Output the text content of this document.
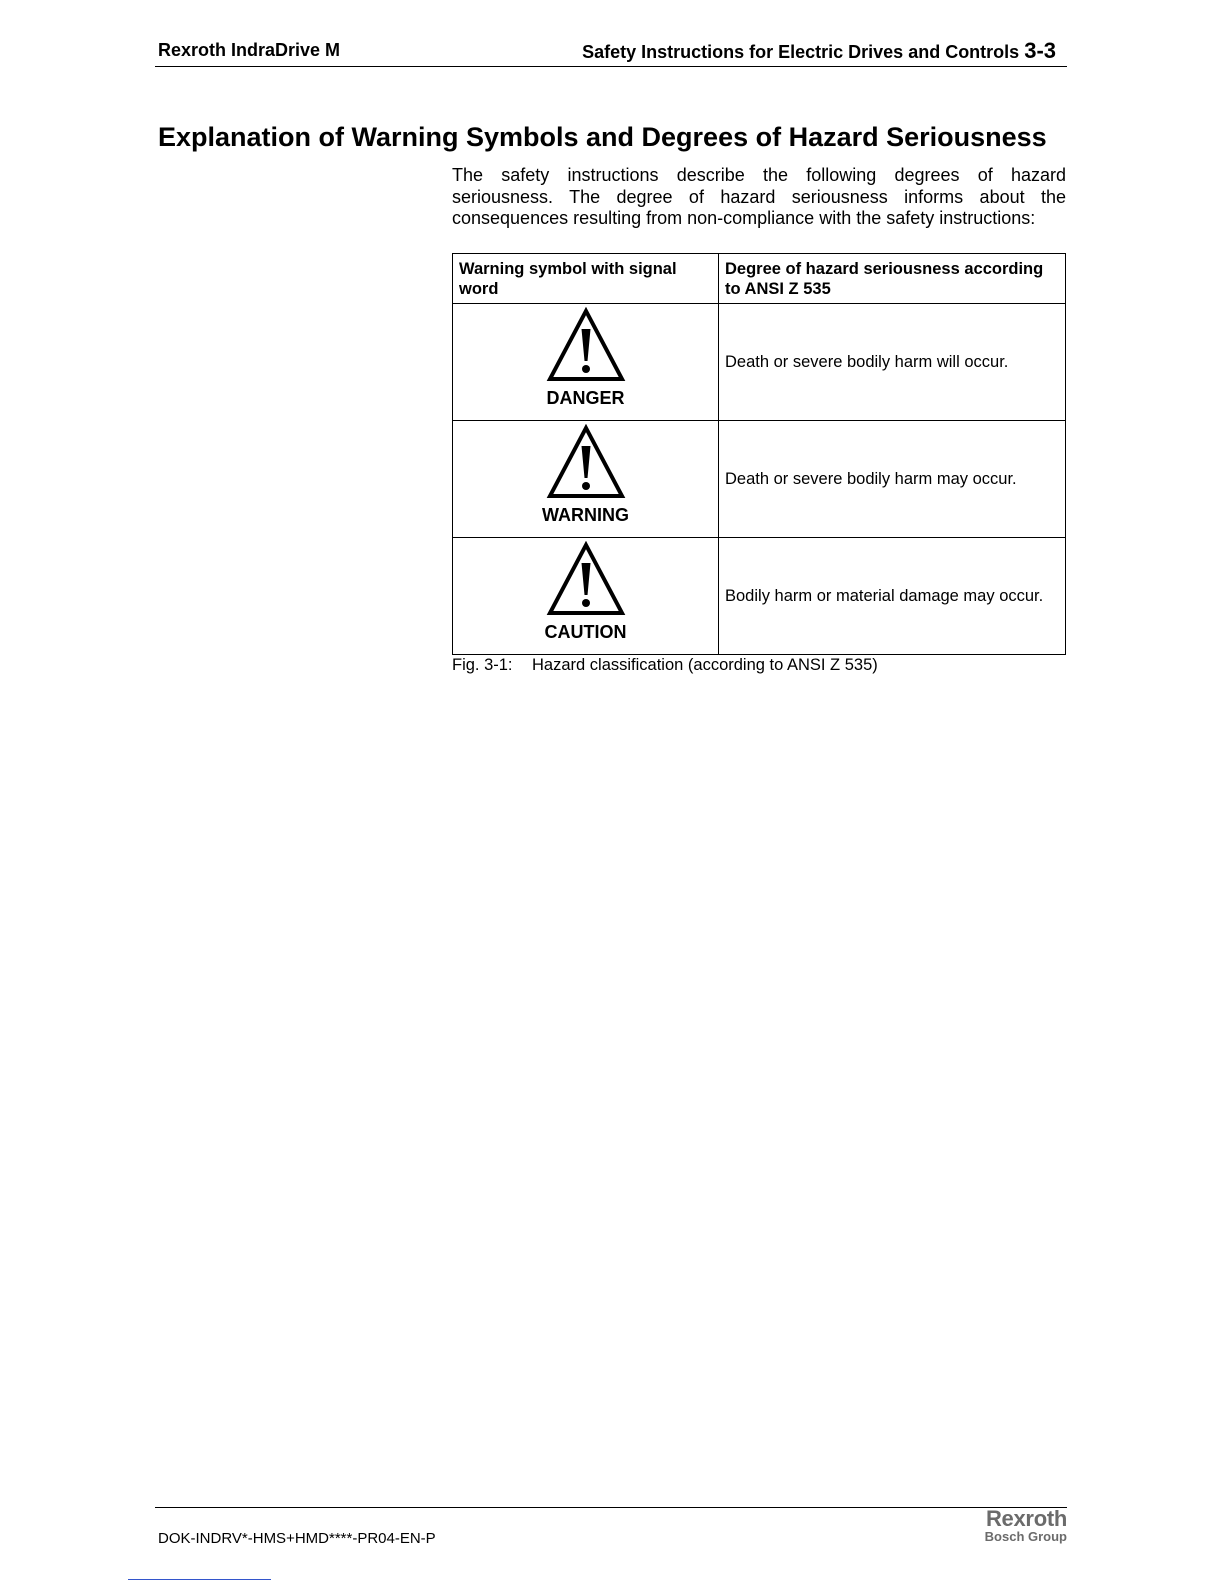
Rexroth IndraDrive M	Safety Instructions for Electric Drives and Controls 3-3
Explanation of Warning Symbols and Degrees of Hazard Seriousness

The safety instructions describe the following degrees of hazard seriousness. The degree of hazard seriousness informs about the consequences resulting from non-compliance with the safety instructions:

Warning symbol with signal word	Degree of hazard seriousness according to ANSI Z 535

DANGER	Death or severe bodily harm will occur.

WARNING	Death or severe bodily harm may occur.

CAUTION	Bodily harm or material damage may occur.
Fig. 3-1: Hazard classification (according to ANSI Z 535)
DOK-INDRV*-HMS+HMD****-PR04-EN-P
Rexroth
Bosch Group
